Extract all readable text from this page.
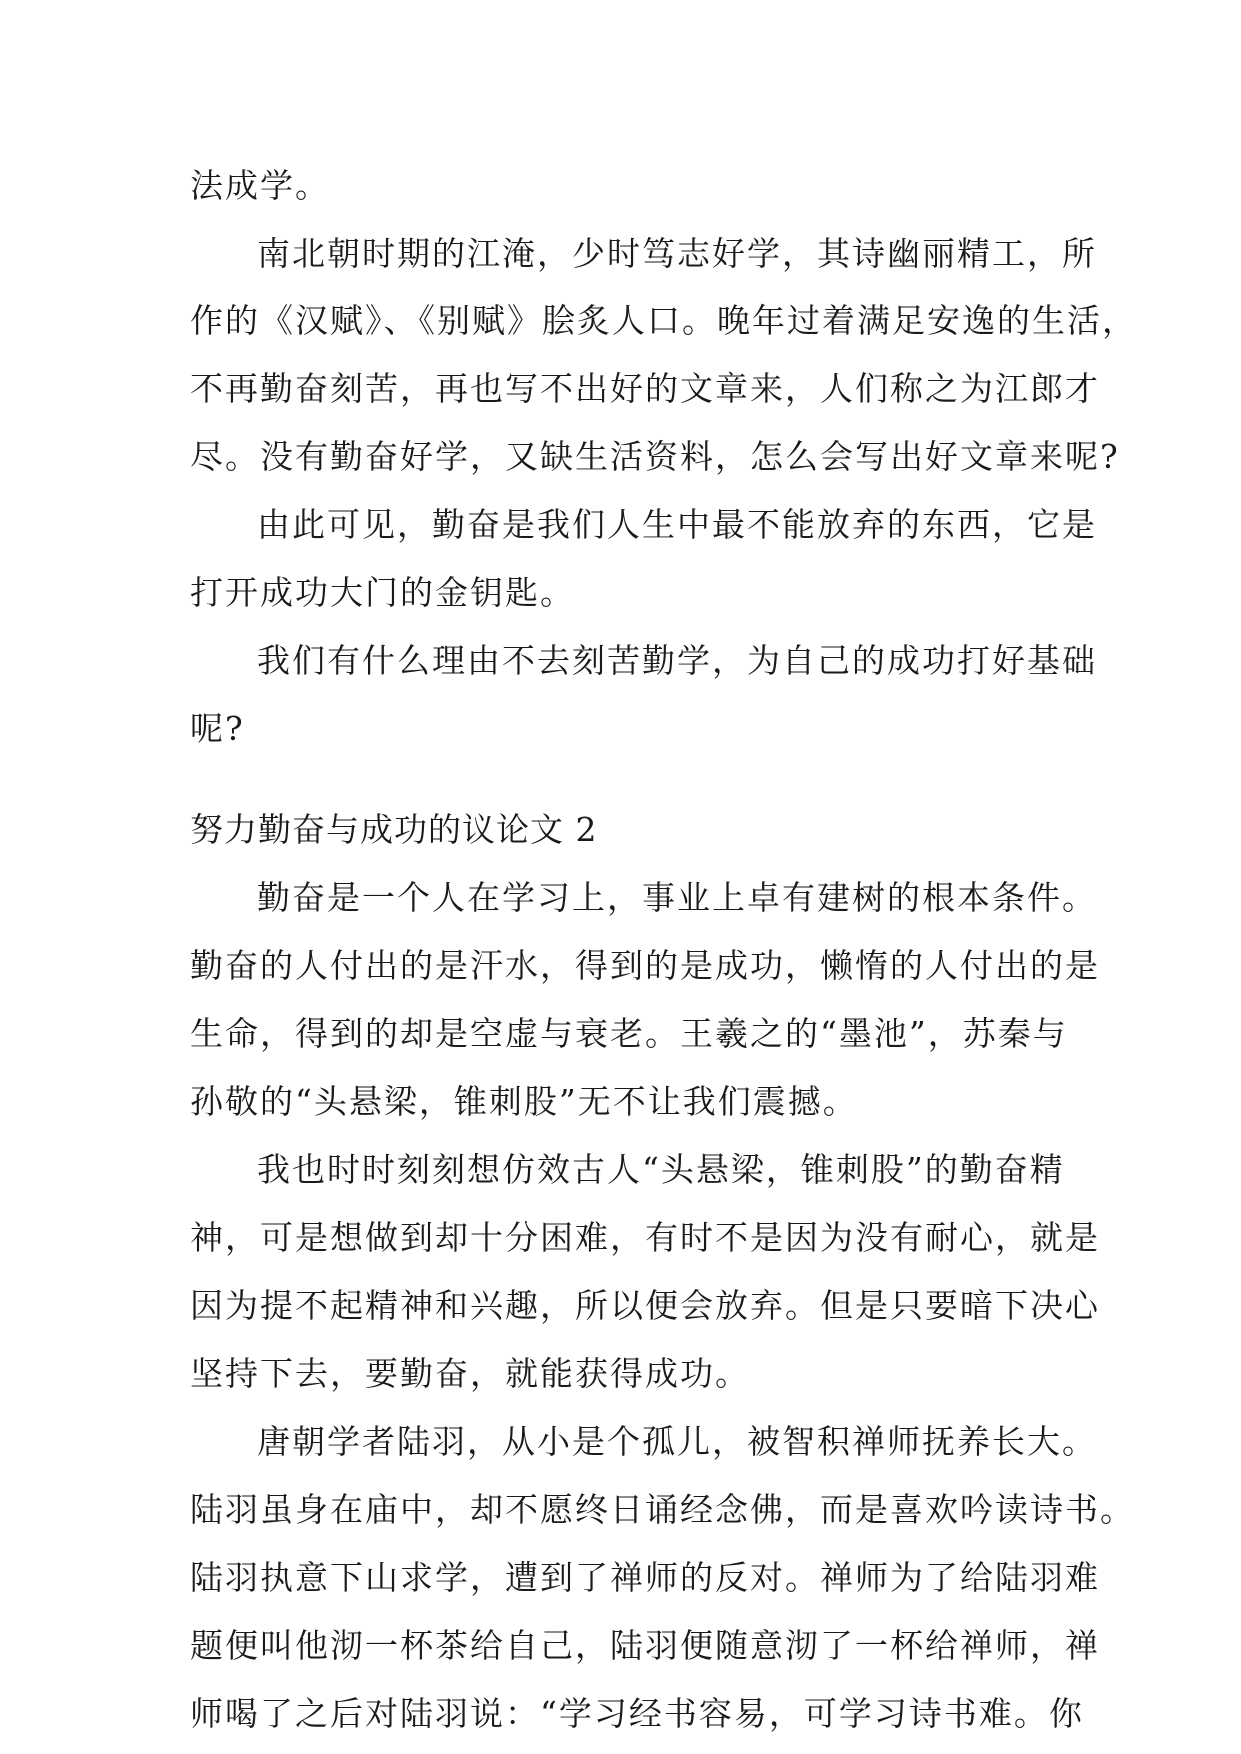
法成学。
南北朝时期的江淹，少时笃志好学，其诗幽丽精工，所
作的《汉赋》、《别赋》脍炙人口。晚年过着满足安逸的生活，
不再勤奋刻苦，再也写不出好的文章来，人们称之为江郎才
尽。没有勤奋好学，又缺生活资料，怎么会写出好文章来呢?
由此可见，勤奋是我们人生中最不能放弃的东西，它是
打开成功大门的金钥匙。
我们有什么理由不去刻苦勤学，为自己的成功打好基础
呢?
努力勤奋与成功的议论文 2
勤奋是一个人在学习上，事业上卓有建树的根本条件。
勤奋的人付出的是汗水，得到的是成功，懒惰的人付出的是
生命，得到的却是空虚与衰老。王羲之的“墨池”，苏秦与
孙敬的“头悬梁，锥刺股”无不让我们震撼。
我也时时刻刻想仿效古人“头悬梁，锥刺股”的勤奋精
神，可是想做到却十分困难，有时不是因为没有耐心，就是
因为提不起精神和兴趣，所以便会放弃。但是只要暗下决心
坚持下去，要勤奋，就能获得成功。
唐朝学者陆羽，从小是个孤儿，被智积禅师抚养长大。
陆羽虽身在庙中，却不愿终日诵经念佛，而是喜欢吟读诗书。
陆羽执意下山求学，遭到了禅师的反对。禅师为了给陆羽难
题便叫他沏一杯茶给自己，陆羽便随意沏了一杯给禅师，禅
师喝了之后对陆羽说：“学习经书容易，可学习诗书难。你
